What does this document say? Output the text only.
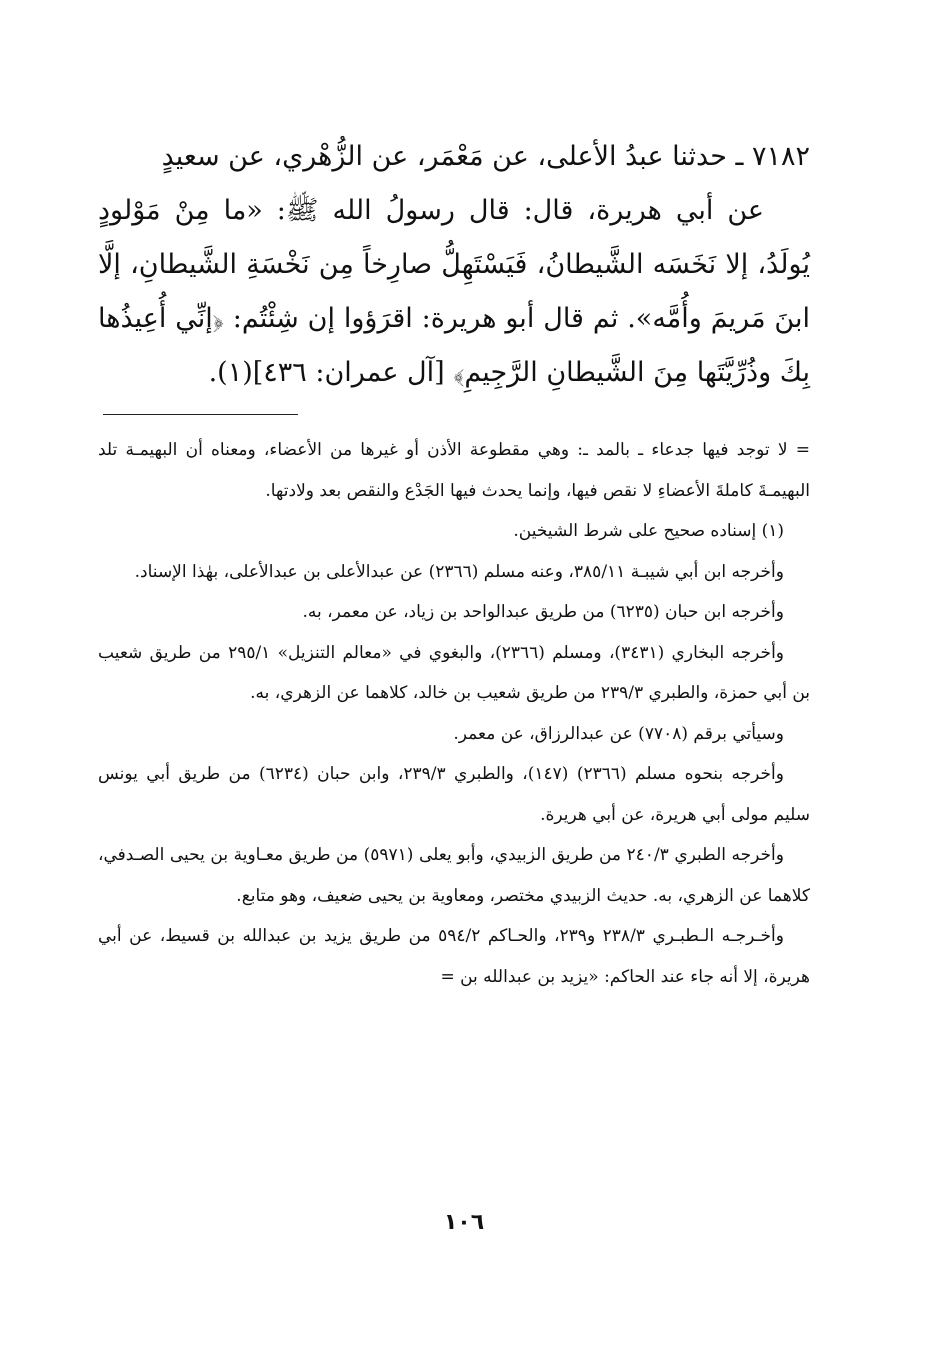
٧١٨٢ ـ حدثنا عبدُ الأعلى، عن مَعْمَر، عن الزُّهْري، عن سعيدٍ

عن أبي هريرة، قال: قال رسولُ الله ﷺ: «ما مِنْ مَوْلودٍ يُولَدُ، إلا نَخَسَه الشَّيطانُ، فَيَسْتَهِلُّ صارِخاً مِن نَخْسَةِ الشَّيطانِ، إلَّا ابنَ مَريمَ وأُمَّه». ثم قال أبو هريرة: اقرَؤوا إن شِئْتُم: ﴿إنِّي أُعِيذُها بِكَ وذُرِّيَّتَها مِنَ الشَّيطانِ الرَّجِيمِ﴾ [آل عمران: ٤٣٦](١).

= لا توجد فيها جدعاء ـ بالمد ـ: وهي مقطوعة الأذن أو غيرها من الأعضاء، ومعناه أن البهيمـة تلد البهيمـةَ كاملةَ الأعضاءِ لا نقص فيها، وإنما يحدث فيها الجَدْع والنقص بعد ولادتها.

(١) إسناده صحيح على شرط الشيخين.

وأخرجه ابن أبي شيبـة ٣٨٥/١١، وعنه مسلم (٢٣٦٦) عن عبدالأعلى بن عبدالأعلى، بهٰذا الإسناد.

وأخرجه ابن حبان (٦٢٣٥) من طريق عبدالواحد بن زياد، عن معمر، به.

وأخرجه البخاري (٣٤٣١)، ومسلم (٢٣٦٦)، والبغوي في «معالم التنزيل» ٢٩٥/١ من طريق شعيب بن أبي حمزة، والطبري ٢٣٩/٣ من طريق شعيب بن خالد، كلاهما عن الزهري، به.

وسيأتي برقم (٧٧٠٨) عن عبدالرزاق، عن معمر.

وأخرجه بنحوه مسلم (٢٣٦٦) (١٤٧)، والطبري ٢٣٩/٣، وابن حبان (٦٢٣٤) من طريق أبي يونس سليم مولى أبي هريرة، عن أبي هريرة.

وأخرجه الطبري ٢٤٠/٣ من طريق الزبيدي، وأبو يعلى (٥٩٧١) من طريق معـاوية بن يحيى الصـدفي، كلاهما عن الزهري، به. حديث الزبيدي مختصر، ومعاوية بن يحيى ضعيف، وهو متابع.

وأخـرجـه الـطبـري ٢٣٨/٣ و٢٣٩، والحـاكم ٥٩٤/٢ من طريق يزيد بن عبدالله بن قسيط، عن أبي هريرة، إلا أنه جاء عند الحاكم: «يزيد بن عبدالله بن =

١٠٦
